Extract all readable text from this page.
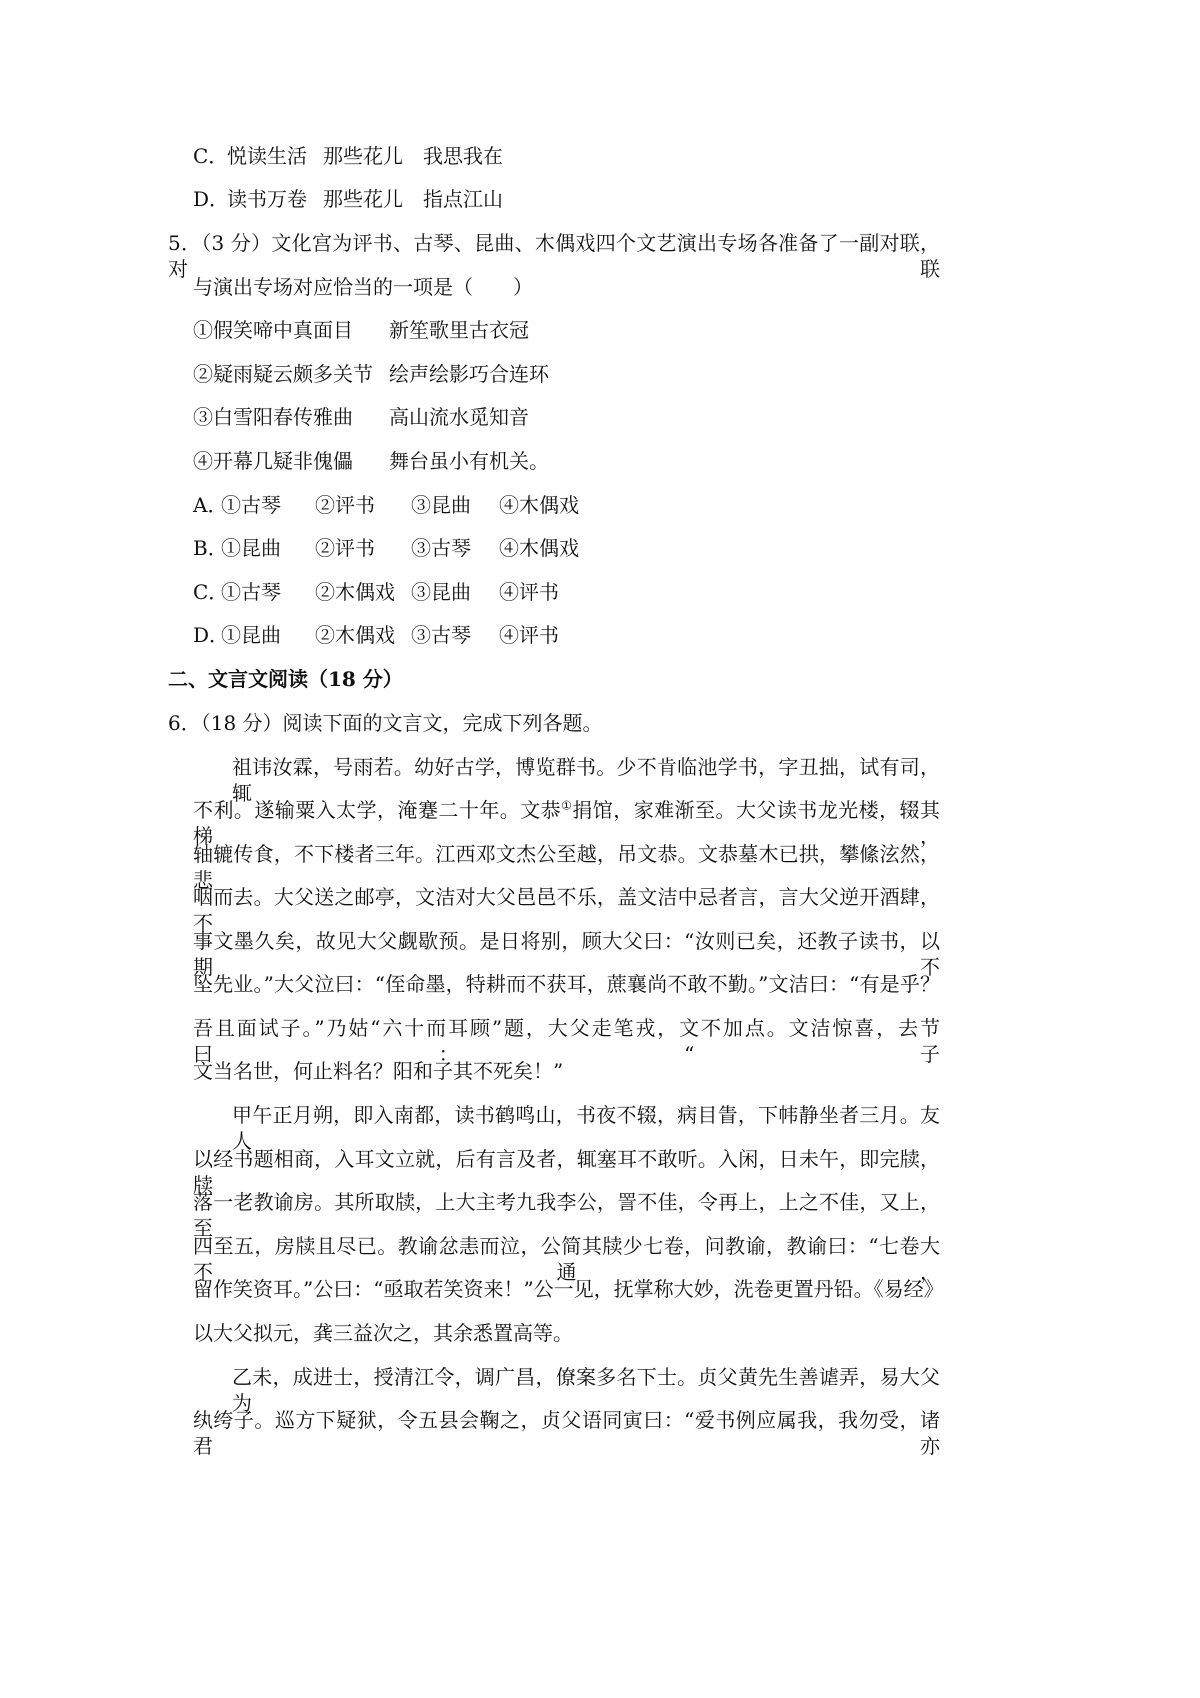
C．悦读生活 那些花儿 我思我在
D．读书万卷 那些花儿 指点江山
5．（3 分）文化宫为评书、古琴、昆曲、木偶戏四个文艺演出专场各准备了一副对联，对联
与演出专场对应恰当的一项是（　　）
①假笑啼中真面目 新笙歌里古衣冠
②疑雨疑云颇多关节 绘声绘影巧合连环
③白雪阳春传雅曲 高山流水觅知音
④开幕几疑非傀儡 舞台虽小有机关。
A．①古琴 ②评书 ③昆曲 ④木偶戏
B．①昆曲 ②评书 ③古琴 ④木偶戏
C．①古琴 ②木偶戏 ③昆曲 ④评书
D．①昆曲 ②木偶戏 ③古琴 ④评书
二、文言文阅读（18 分）
6．（18 分）阅读下面的文言文，完成下列各题。
祖讳汝霖，号雨若。幼好古学，博览群书。少不肯临池学书，字丑拙，试有司，辄
不利。遂输粟入太学，淹蹇二十年。文恭①捐馆，家难渐至。大父读书龙光楼，辍其梯，
轴辘传食，不下楼者三年。江西邓文杰公至越，吊文恭。文恭墓木已拱，攀絛泫然，悲
咽而去。大父送之邮亭，文洁对大父邑邑不乐，盖文洁中忌者言，言大父逆开酒肆，不
事文墨久矣，故见大父觑歇预。是日将别，顾大父曰：“汝则已矣，还教子读书，以期不
坠先业。”大父泣曰：“侄命墨，特耕而不获耳，蔗襄尚不敢不勤。”文洁曰：“有是乎？
吾且面试子。”乃姑“六十而耳顾”题，大父走笔戎，文不加点。文洁惊喜，去节曰：“子
文当名世，何止料名？阳和子其不死矣！”
甲午正月朔，即入南都，读书鹤鸣山，书夜不辍，病目眚，下帏静坐者三月。友人
以经书题相商，入耳文立就，后有言及者，辄塞耳不敢听。入闲，日未午，即完牍，牍
落一老教谕房。其所取牍，上大主考九我李公，詈不佳，令再上，上之不佳，又上，至
四至五，房牍且尽已。教谕忿恚而泣，公简其牍少七卷，问教谕，教谕曰：“七卷大不通，
留作笑资耳。”公曰：“亟取若笑资来！”公一见，抚掌称大妙，洗卷更置丹铅。《易经》
以大父拟元，龚三益次之，其余悉置高等。
乙未，成进士，授清江令，调广昌，僚案多名下士。贞父黄先生善谑弄，易大父为
纨绔子。巡方下疑狱，令五县会鞠之，贞父语同寅曰：“爱书例应属我，我勿受，诸君亦
